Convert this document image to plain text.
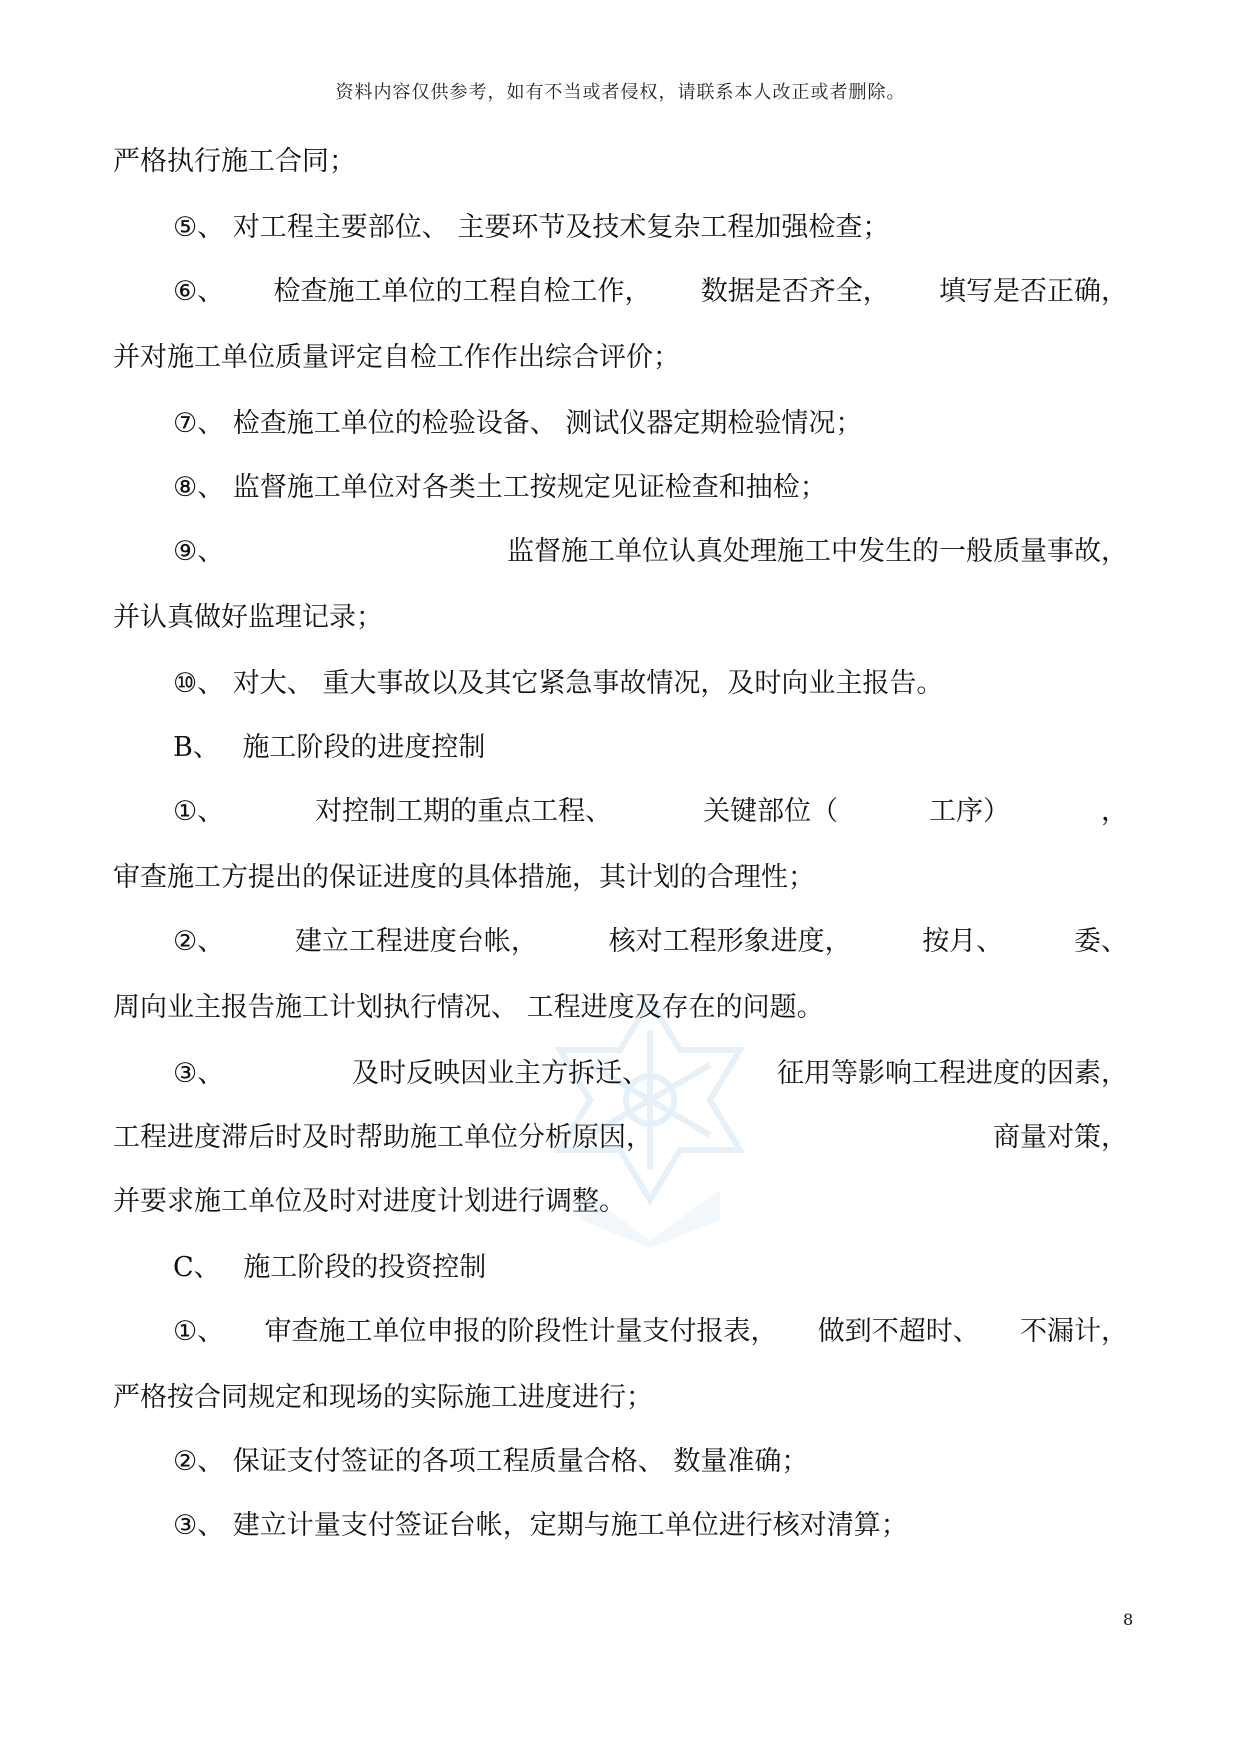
资料内容仅供参考，如有不当或者侵权，请联系本人改正或者删除。
严格执行施工合同；
⑤、 对工程主要部位、 主要环节及技术复杂工程加强检查；
⑥、 检查施工单位的工程自检工作， 数据是否齐全， 填写是否正确，
并对施工单位质量评定自检工作作出综合评价；
⑦、 检查施工单位的检验设备、 测试仪器定期检验情况；
⑧、 监督施工单位对各类土工按规定见证检查和抽检；
⑨、	监督施工单位认真处理施工中发生的一般质量事故，
并认真做好监理记录；
⑩、 对大、 重大事故以及其它紧急事故情况，及时向业主报告。
B、 施工阶段的进度控制
①、	对控制工期的重点工程、	关键部位（	工序）	，
审查施工方提出的保证进度的具体措施，其计划的合理性；
②、	建立工程进度台帐，	核对工程形象进度，	按月、	委、
周向业主报告施工计划执行情况、 工程进度及存在的问题。
③、	及时反映因业主方拆迁、	征用等影响工程进度的因素，
工程进度滞后时及时帮助施工单位分析原因，	商量对策，
并要求施工单位及时对进度计划进行调整。
C、 施工阶段的投资控制
①、 审查施工单位申报的阶段性计量支付报表， 做到不超时、 不漏计，
严格按合同规定和现场的实际施工进度进行；
②、 保证支付签证的各项工程质量合格、 数量准确；
③、 建立计量支付签证台帐，定期与施工单位进行核对清算；
8
